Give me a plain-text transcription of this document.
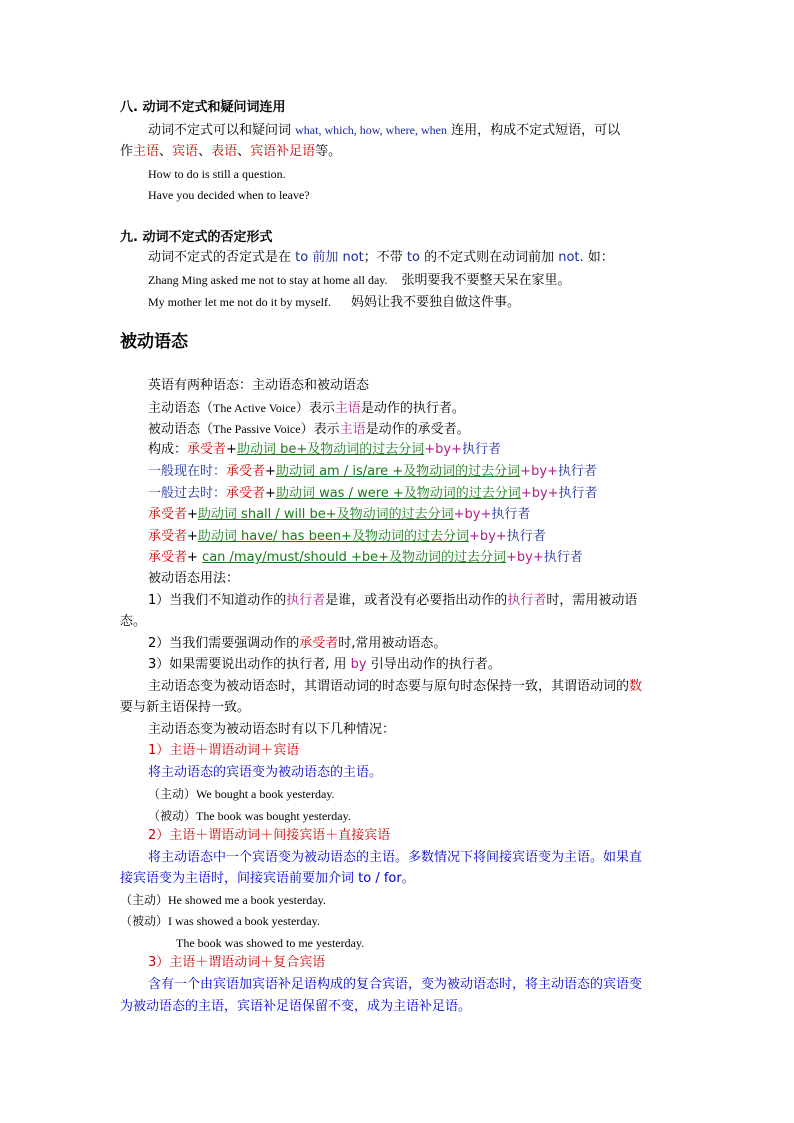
八. 动词不定式和疑问词连用
动词不定式可以和疑问词 what, which, how, where, when 连用，构成不定式短语，可以
作主语、宾语、表语、宾语补足语等。
How to do is still a question.
Have you decided when to leave?
九. 动词不定式的否定形式
动词不定式的否定式是在 to 前加 not；不带 to 的不定式则在动词前加 not. 如：
Zhang Ming asked me not to stay at home all day. 张明要我不要整天呆在家里。
My mother let me not do it by myself. 妈妈让我不要独自做这件事。
被动语态
英语有两种语态：主动语态和被动语态
主动语态（The Active Voice）表示主语是动作的执行者。
被动语态（The Passive Voice）表示主语是动作的承受者。
构成：承受者+助动词 be+及物动词的过去分词+by+执行者
一般现在时：承受者+助动词 am / is/are +及物动词的过去分词+by+执行者
一般过去时：承受者+助动词 was / were +及物动词的过去分词+by+执行者
承受者+助动词 shall / will be+及物动词的过去分词+by+执行者
承受者+助动词 have/ has been+及物动词的过去分词+by+执行者
承受者+ can /may/must/should +be+及物动词的过去分词+by+执行者
被动语态用法：
1）当我们不知道动作的执行者是谁，或者没有必要指出动作的执行者时，需用被动语
态。
2）当我们需要强调动作的承受者时,常用被动语态。
3）如果需要说出动作的执行者, 用 by 引导出动作的执行者。
主动语态变为被动语态时，其谓语动词的时态要与原句时态保持一致，其谓语动词的数
要与新主语保持一致。
主动语态变为被动语态时有以下几种情况：
1）主语＋谓语动词＋宾语
将主动语态的宾语变为被动语态的主语。
（主动）We bought a book yesterday.
（被动）The book was bought yesterday.
2）主语＋谓语动词＋间接宾语＋直接宾语
将主动语态中一个宾语变为被动语态的主语。多数情况下将间接宾语变为主语。如果直
接宾语变为主语时，间接宾语前要加介词 to / for。
（主动）He showed me a book yesterday.
（被动）I was showed a book yesterday.
The book was showed to me yesterday.
3）主语＋谓语动词＋复合宾语
含有一个由宾语加宾语补足语构成的复合宾语，变为被动语态时，将主动语态的宾语变
为被动语态的主语，宾语补足语保留不变，成为主语补足语。
